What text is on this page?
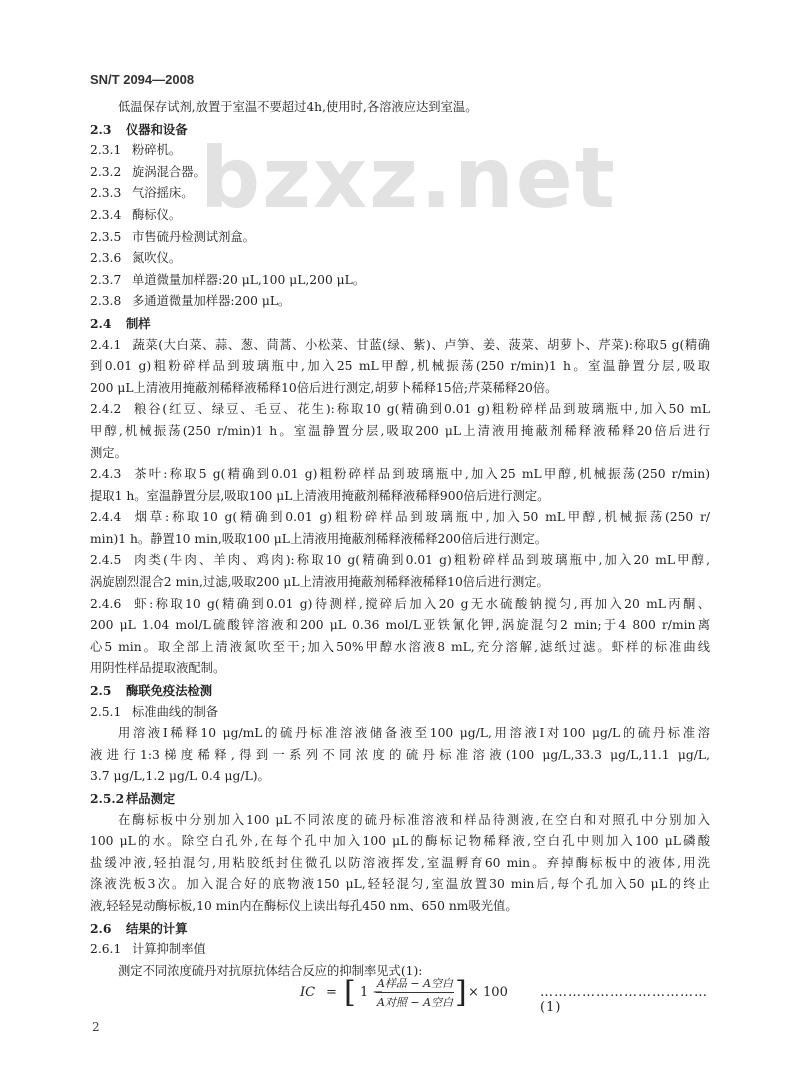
bzxz.net
SN/T 2094—2008
低温保存试剂,放置于室温不要超过4h,使用时,各溶液应达到室温。
2.3 仪器和设备
2.3.1 粉碎机。
2.3.2 旋涡混合器。
2.3.3 气浴摇床。
2.3.4 酶标仪。
2.3.5 市售硫丹检测试剂盒。
2.3.6 氮吹仪。
2.3.7 单道微量加样器:20 μL,100 μL,200 μL。
2.3.8 多通道微量加样器:200 μL。
2.4 制样
2.4.1 蔬菜(大白菜、蒜、葱、茼蒿、小松菜、甘蓝(绿、紫)、卢笋、姜、菠菜、胡萝卜、芹菜):称取5 g(精确
到0.01 g)粗粉碎样品到玻璃瓶中,加入25 mL甲醇,机械振荡(250 r/min)1 h。室温静置分层,吸取
200 μL上清液用掩蔽剂稀释液稀释10倍后进行测定,胡萝卜稀释15倍;芹菜稀释20倍。
2.4.2 粮谷(红豆、绿豆、毛豆、花生):称取10 g(精确到0.01 g)粗粉碎样品到玻璃瓶中,加入50 mL
甲醇,机械振荡(250 r/min)1 h。室温静置分层,吸取200 μL上清液用掩蔽剂稀释液稀释20倍后进行
测定。
2.4.3 茶叶:称取5 g(精确到0.01 g)粗粉碎样品到玻璃瓶中,加入25 mL甲醇,机械振荡(250 r/min)
提取1 h。室温静置分层,吸取100 μL上清液用掩蔽剂稀释液稀释900倍后进行测定。
2.4.4 烟草:称取10 g(精确到0.01 g)粗粉碎样品到玻璃瓶中,加入50 mL甲醇,机械振荡(250 r/
min)1 h。静置10 min,吸取100 μL上清液用掩蔽剂稀释液稀释200倍后进行测定。
2.4.5 肉类(牛肉、羊肉、鸡肉):称取10 g(精确到0.01 g)粗粉碎样品到玻璃瓶中,加入20 mL甲醇,
涡旋剧烈混合2 min,过滤,吸取200 μL上清液用掩蔽剂稀释液稀释10倍后进行测定。
2.4.6 虾:称取10 g(精确到0.01 g)待测样,搅碎后加入20 g无水硫酸钠搅匀,再加入20 mL丙酮、
200 μL 1.04 mol/L硫酸锌溶液和200 μL 0.36 mol/L亚铁氰化钾,涡旋混匀2 min;于4 800 r/min离
心5 min。取全部上清液氮吹至干;加入50%甲醇水溶液8 mL,充分溶解,滤纸过滤。虾样的标准曲线
用阴性样品提取液配制。
2.5 酶联免疫法检测
2.5.1 标准曲线的制备
用溶液Ⅰ稀释10 μg/mL的硫丹标准溶液储备液至100 μg/L,用溶液Ⅰ对100 μg/L的硫丹标准溶
液进行1:3梯度稀释,得到一系列不同浓度的硫丹标准溶液(100 μg/L,33.3 μg/L,11.1 μg/L,
3.7 μg/L,1.2 μg/L 0.4 μg/L)。
2.5.2 样品测定
在酶标板中分别加入100 μL不同浓度的硫丹标准溶液和样品待测液,在空白和对照孔中分别加入
100 μL的水。除空白孔外,在每个孔中加入100 μL的酶标记物稀释液,空白孔中则加入100 μL磷酸
盐缓冲液,轻拍混匀,用粘胶纸封住微孔以防溶液挥发,室温孵育60 min。弃掉酶标板中的液体,用洗
涤液洗板3次。加入混合好的底物液150 μL,轻轻混匀,室温放置30 min后,每个孔加入50 μL的终止
液,轻轻晃动酶标板,10 min内在酶标仪上读出每孔450 nm、650 nm吸光值。
2.6 结果的计算
2.6.1 计算抑制率值
测定不同浓度硫丹对抗原抗体结合反应的抑制率见式(1):
IC = [ 1 −
A样品 − A空白
A对照 − A空白 ] × 100 ………………………………(1)
2
